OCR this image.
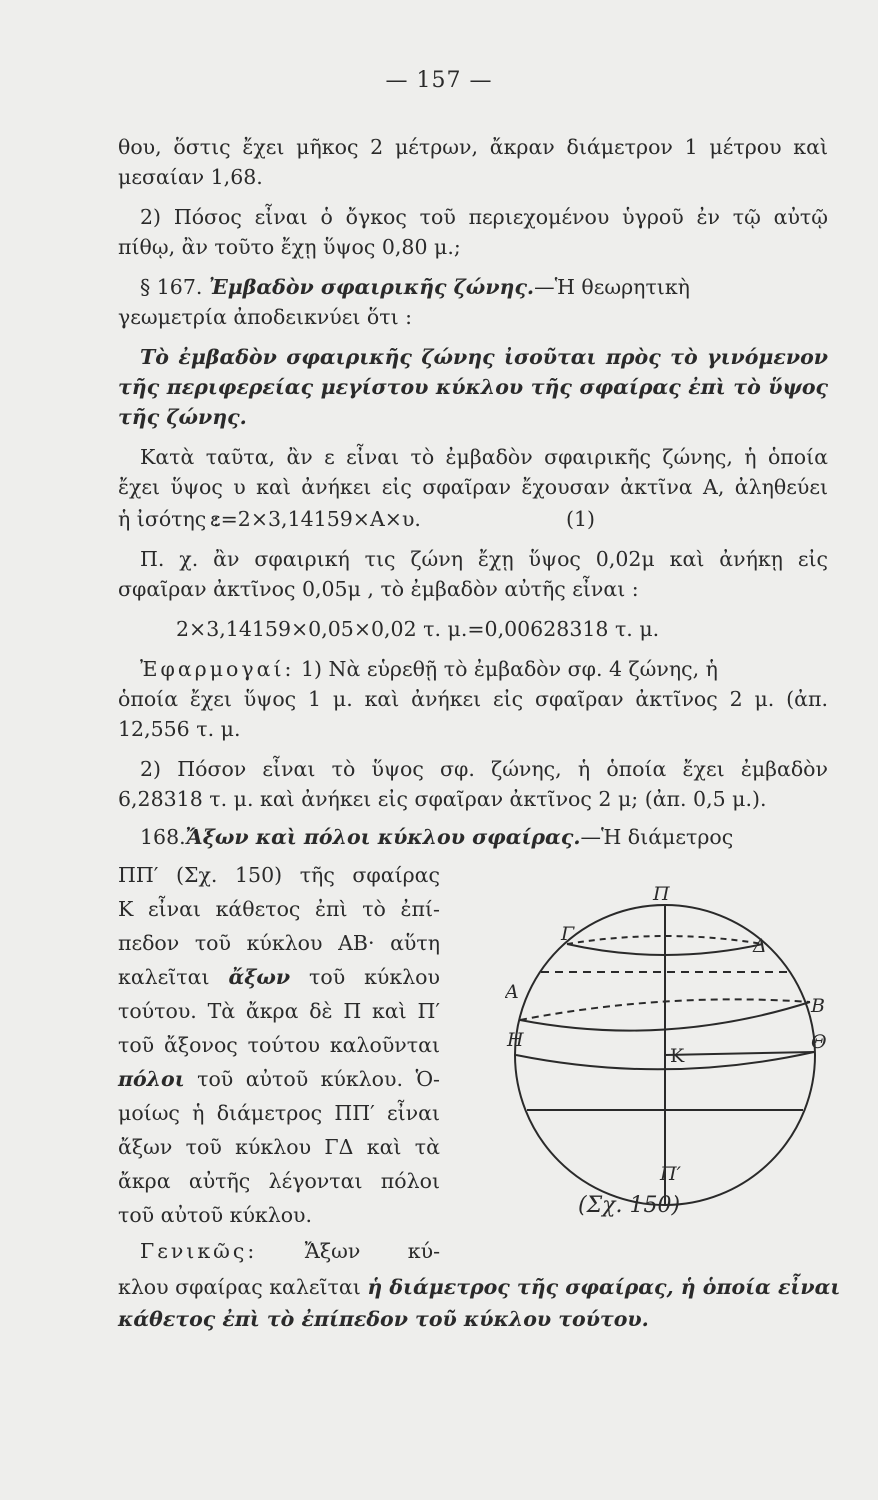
— 157 —
θου, ὅστις ἔχει μῆκος 2 μέτρων, ἄκραν διάμετρον 1 μέτρου καὶ
μεσαίαν 1,68.
2) Πόσος εἶναι ὁ ὄγκος τοῦ περιεχομένου ὑγροῦ ἐν τῷ αὐτῷ
πίθῳ, ἂν τοῦτο ἔχῃ ὕψος 0,80 μ.;
§ 167. Ἐμβαδὸν σφαιρικῆς ζώνης.—Ἡ θεωρητικὴ
γεωμετρία ἀποδεικνύει ὅτι :
Τὸ ἐμβαδὸν σφαιρικῆς ζώνης ἰσοῦται πρὸς τὸ γινόμενον
τῆς περιφερείας μεγίστου κύκλου τῆς σφαίρας ἐπὶ τὸ ὕψος
τῆς ζώνης.
Κατὰ ταῦτα, ἂν ε εἶναι τὸ ἐμβαδὸν σφαιρικῆς ζώνης, ἡ ὁποία
ἔχει ὕψος υ καὶ ἀνήκει εἰς σφαῖραν ἔχουσαν ἀκτῖνα Α, ἀληθεύει
ἡ ἰσότης :
ε=2×3,14159×Α×υ.	(1)
Π. χ. ἂν σφαιρική τις ζώνη ἔχῃ ὕψος 0,02μ καὶ ἀνήκῃ εἰς
σφαῖραν ἀκτῖνος 0,05μ , τὸ ἐμβαδὸν αὐτῆς εἶναι :
2×3,14159×0,05×0,02 τ. μ.=0,00628318 τ. μ.
Ἐφαρμογαί: 1) Νὰ εὑρεθῇ τὸ ἐμβαδὸν σφ. 4 ζώνης, ἡ
ὁποία ἔχει ὕψος 1 μ. καὶ ἀνήκει εἰς σφαῖραν ἀκτῖνος 2 μ. (ἀπ.
12,556 τ. μ.
2) Πόσον εἶναι τὸ ὕψος σφ. ζώνης, ἡ ὁποία ἔχει ἐμβαδὸν
6,28318 τ. μ. καὶ ἀνήκει εἰς σφαῖραν ἀκτῖνος 2 μ; (ἀπ. 0,5 μ.).
168.Ἄξων καὶ πόλοι κύκλου σφαίρας.—Ἡ διάμετρος
ΠΠ′ (Σχ. 150) τῆς σφαίρας
Κ εἶναι κάθετος ἐπὶ τὸ ἐπί-
πεδον τοῦ κύκλου ΑΒ· αὕτη
καλεῖται ἄξων τοῦ κύκλου
τούτου. Τὰ ἄκρα δὲ Π καὶ Π′
τοῦ ἄξονος τούτου καλοῦνται
πόλοι τοῦ αὐτοῦ κύκλου. Ὁ-
μοίως ἡ διάμετρος ΠΠ′ εἶναι
ἄξων τοῦ κύκλου ΓΔ καὶ τὰ
ἄκρα αὐτῆς λέγονται πόλοι
τοῦ αὐτοῦ κύκλου.
Γενικῶς: Ἄξων κύ-
κλου σφαίρας καλεῖται ἡ διάμετρος τῆς σφαίρας, ἡ ὁποία εἶναι
κάθετος ἐπὶ τὸ ἐπίπεδον τοῦ κύκλου τούτου.
Π
Γ
Δ
Α
Β
Η	Θ
Κ
Π′
(Σχ. 150)
